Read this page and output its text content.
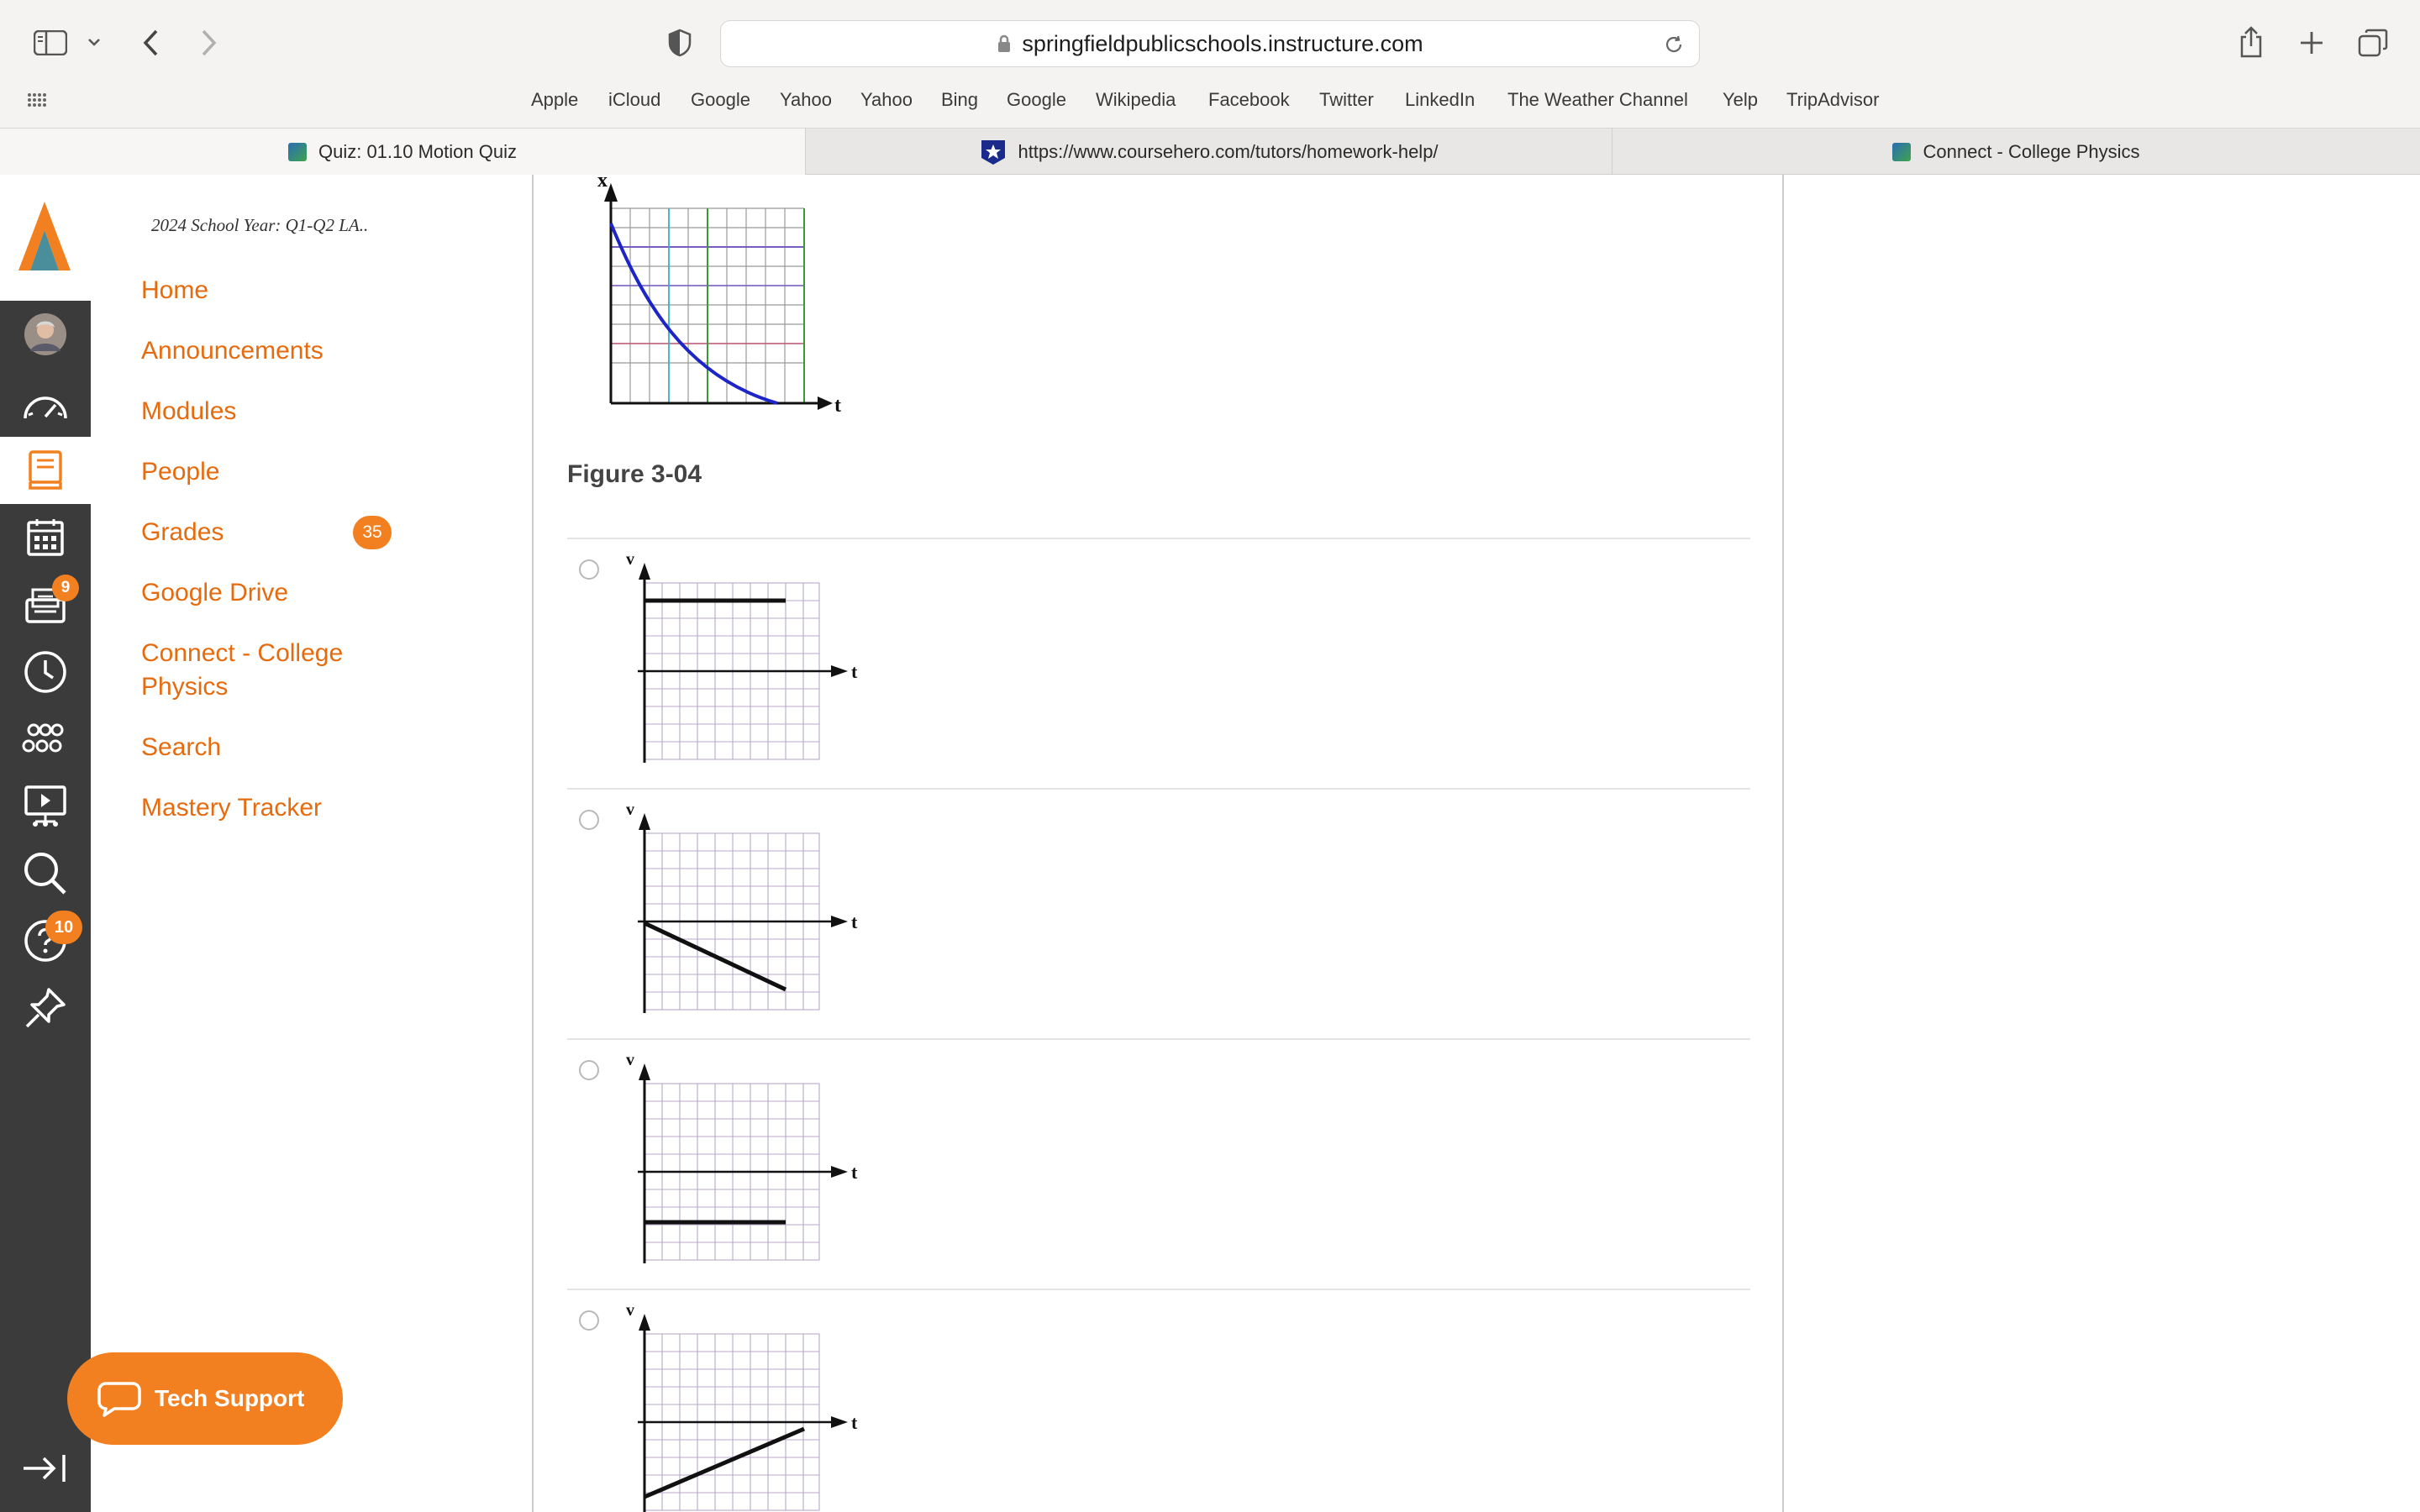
springfieldpublicschools.instructure.com
Apple iCloud Google Yahoo Yahoo Bing Google Wikipedia Facebook Twitter LinkedIn The Weather Channel Yelp TripAdvisor
Quiz: 01.10 Motion Quiz	https://www.coursehero.com/tutors/homework-help/	Connect - College Physics
9
10
2024 School Year: Q1-Q2 LA..
Home
Announcements
Modules
People
Grades	35
Google Drive
Connect - College
Physics
Search
Mastery Tracker
Tech Support
x
t
Figure 3-04
v
t
v
t
v
t
v
t
